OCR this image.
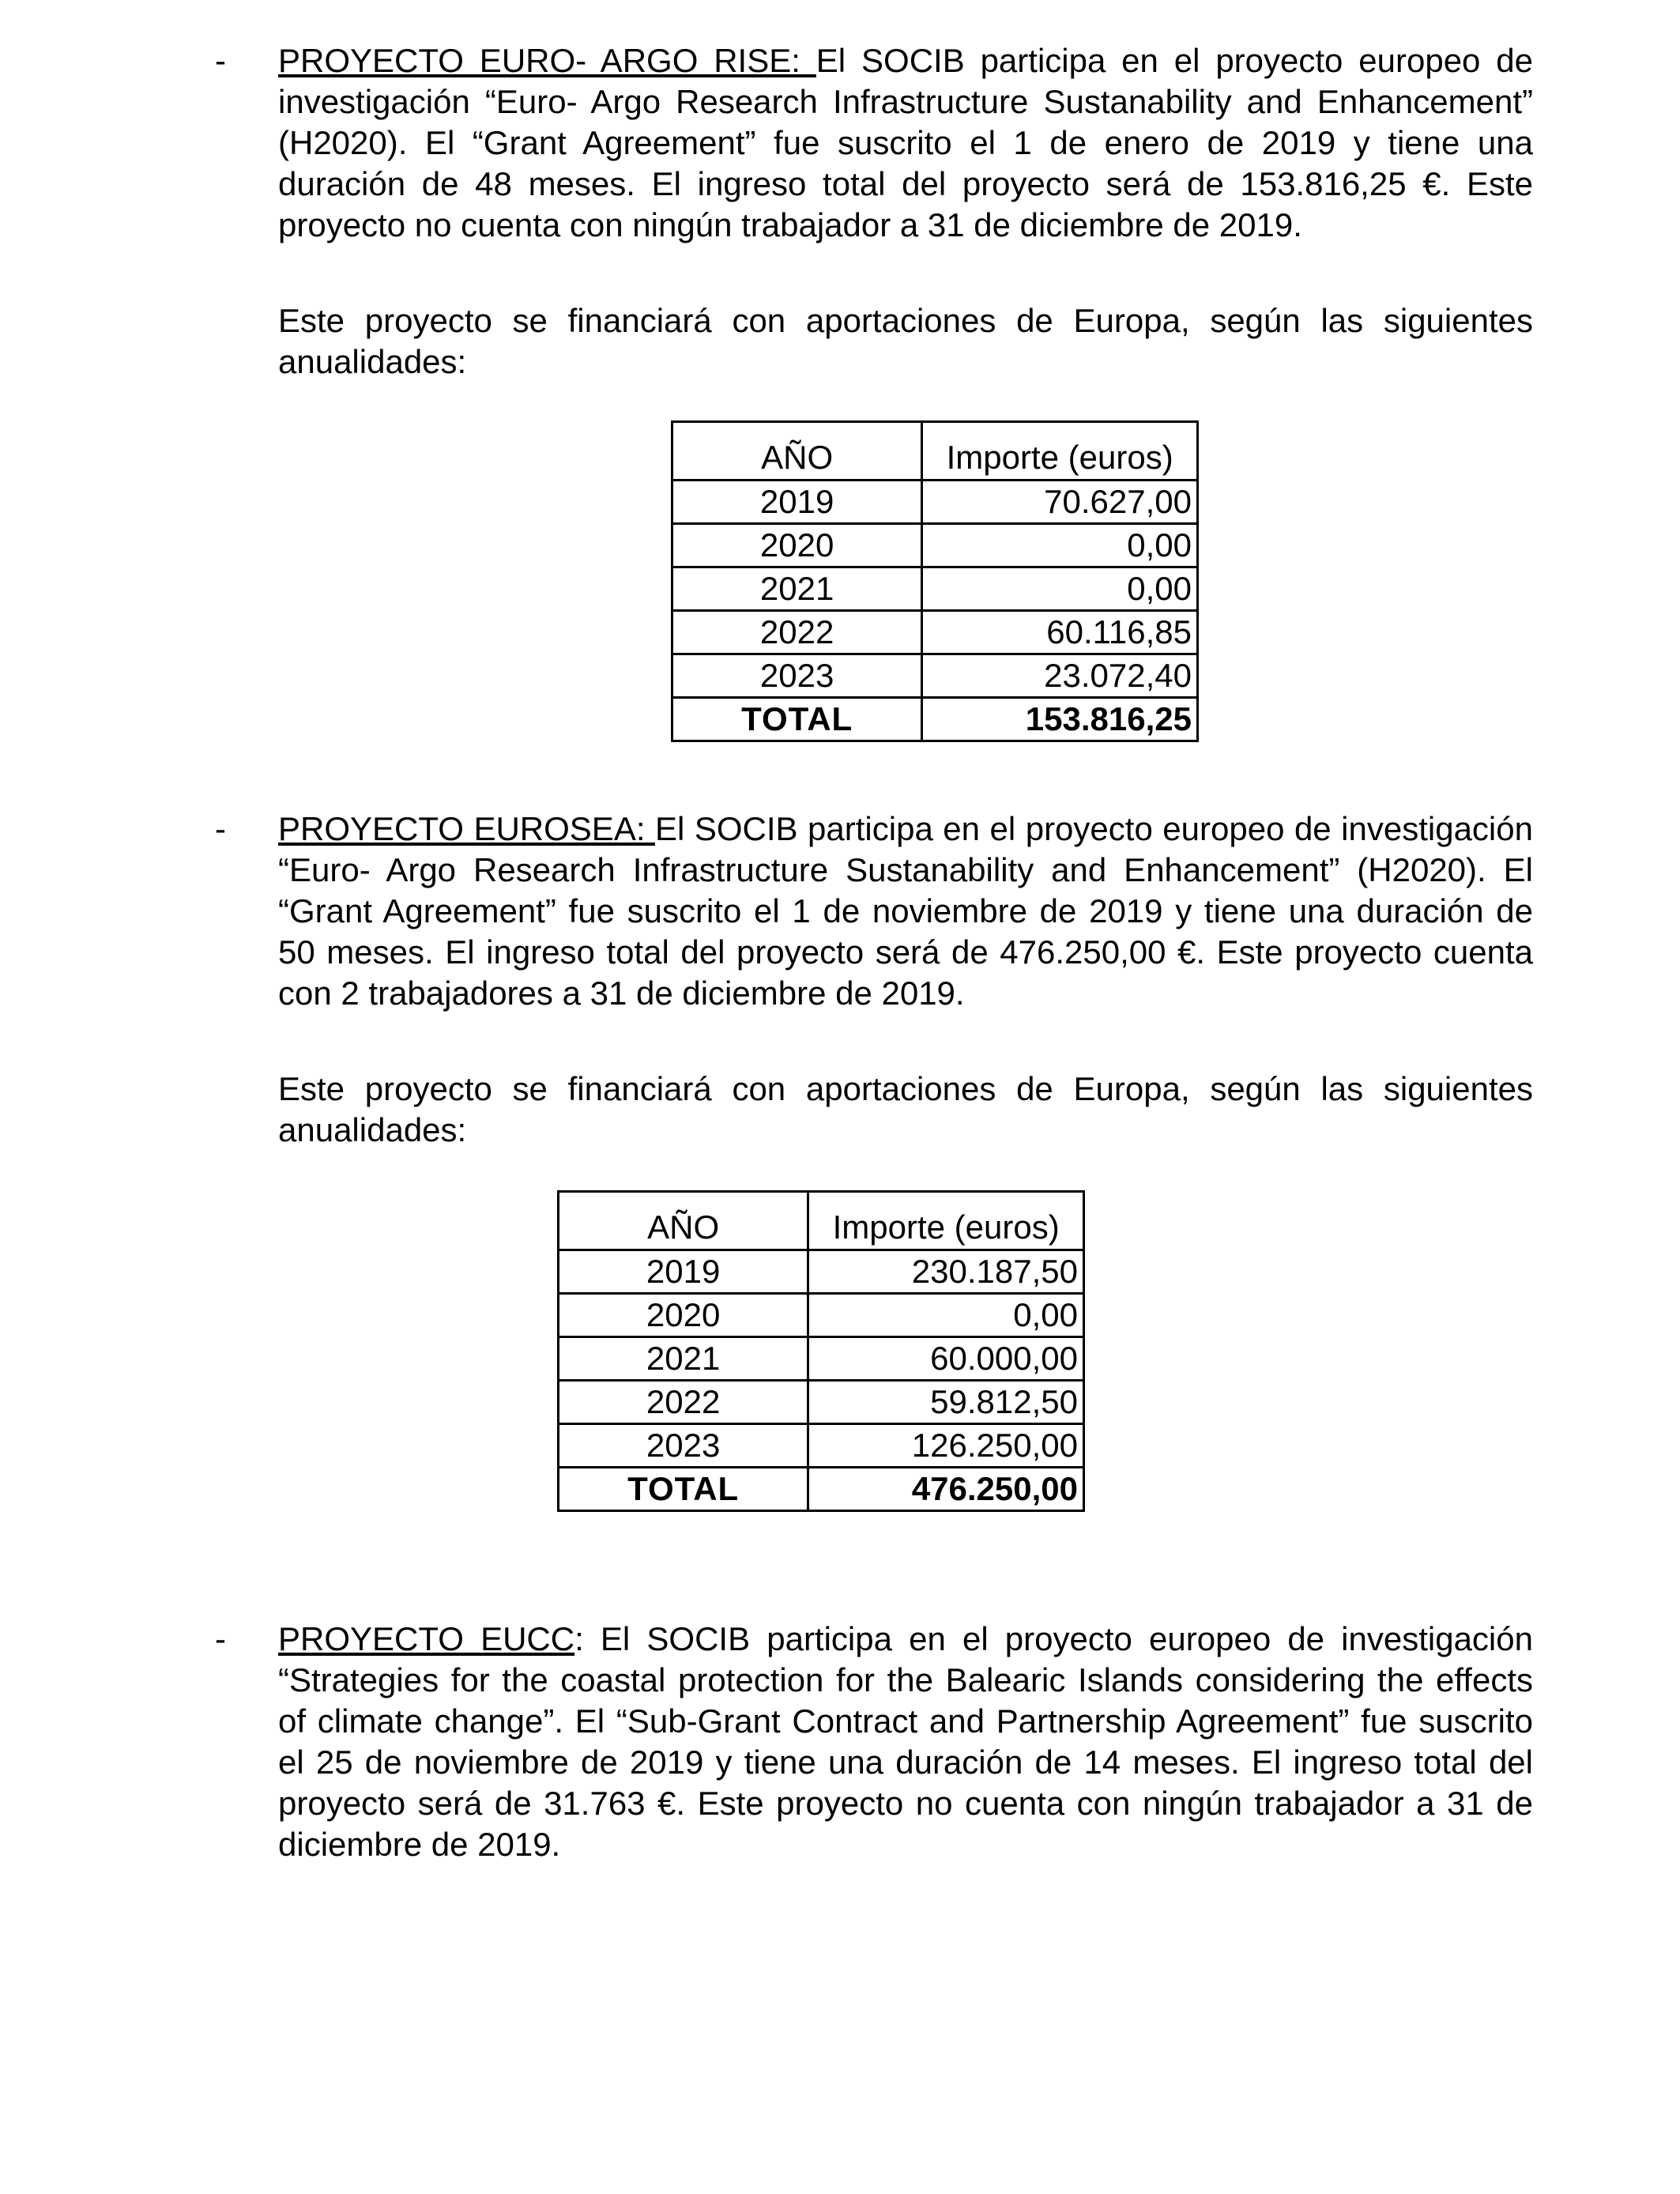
- PROYECTO EURO- ARGO RISE: El SOCIB participa en el proyecto europeo de investigación “Euro- Argo Research Infrastructure Sustanability and Enhancement” (H2020). El “Grant Agreement” fue suscrito el 1 de enero de 2019 y tiene una duración de 48 meses. El ingreso total del proyecto será de 153.816,25 €. Este proyecto no cuenta con ningún trabajador a 31 de diciembre de 2019.

Este proyecto se financiará con aportaciones de Europa, según las siguientes anualidades:

AÑO	Importe (euros)
2019	70.627,00
2020	0,00
2021	0,00
2022	60.116,85
2023	23.072,40
TOTAL	153.816,25
- PROYECTO EUROSEA: El SOCIB participa en el proyecto europeo de investigación “Euro- Argo Research Infrastructure Sustanability and Enhancement” (H2020). El “Grant Agreement” fue suscrito el 1 de noviembre de 2019 y tiene una duración de 50 meses. El ingreso total del proyecto será de 476.250,00 €. Este proyecto cuenta con 2 trabajadores a 31 de diciembre de 2019.

Este proyecto se financiará con aportaciones de Europa, según las siguientes anualidades:

AÑO	Importe (euros)
2019	230.187,50
2020	0,00
2021	60.000,00
2022	59.812,50
2023	126.250,00
TOTAL	476.250,00
- PROYECTO EUCC: El SOCIB participa en el proyecto europeo de investigación “Strategies for the coastal protection for the Balearic Islands considering the effects of climate change”. El “Sub-Grant Contract and Partnership Agreement” fue suscrito el 25 de noviembre de 2019 y tiene una duración de 14 meses. El ingreso total del proyecto será de 31.763 €. Este proyecto no cuenta con ningún trabajador a 31 de diciembre de 2019.
